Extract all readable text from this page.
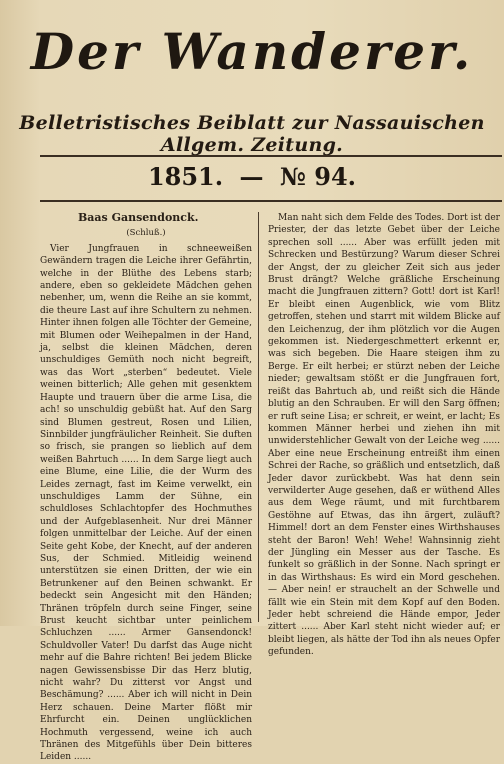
Der Wanderer.
Belletristisches Beiblatt zur Nassauischen Allgem. Zeitung.
1851. — № 94.
Baas Gansendonck.
(Schluß.)

Vier Jungfrauen in schneeweißen Gewändern tragen die Leiche ihrer Gefährtin, welche in der Blüthe des Lebens starb; andere, eben so gekleidete Mädchen gehen nebenher, um, wenn die Reihe an sie kommt, die theure Last auf ihre Schultern zu nehmen. Hinter ihnen folgen alle Töchter der Gemeine, mit Blumen oder Weihepalmen in der Hand, ja, selbst die kleinen Mädchen, deren unschuldiges Gemüth noch nicht begreift, was das Wort „sterben“ bedeutet. Viele weinen bitterlich; Alle gehen mit gesenktem Haupte und trauern über die arme Lisa, die ach! so unschuldig gebüßt hat. Auf den Sarg sind Blumen gestreut, Rosen und Lilien, Sinnbilder jungfräulicher Reinheit. Sie duften so frisch, sie prangen so lieblich auf dem weißen Bahrtuch ...... In dem Sarge liegt auch eine Blume, eine Lilie, die der Wurm des Leides zernagt, fast im Keime verwelkt, ein unschuldiges Lamm der Sühne, ein schuldloses Schlachtopfer des Hochmuthes und der Aufgeblasenheit. Nur drei Männer folgen unmittelbar der Leiche. Auf der einen Seite geht Kobe, der Knecht, auf der anderen Sus, der Schmied. Mitleidig weinend unterstützen sie einen Dritten, der wie ein Betrunkener auf den Beinen schwankt. Er bedeckt sein Angesicht mit den Händen; Thränen tröpfeln durch seine Finger, seine Brust keucht sichtbar unter peinlichem Schluchzen ...... Armer Gansendonck! Schuldvoller Vater! Du darfst das Auge nicht mehr auf die Bahre richten! Bei jedem Blicke nagen Gewissensbisse Dir das Herz blutig, nicht wahr? Du zitterst vor Angst und Beschämung? ...... Aber ich will nicht in Dein Herz schauen. Deine Marter flößt mir Ehrfurcht ein. Deinen unglücklichen Hochmuth vergessend, weine ich auch Thränen des Mitgefühls über Dein bitteres Leiden ......

Man naht sich dem Felde des Todes. Dort ist der Priester, der das letzte Gebet über der Leiche sprechen soll ...... Aber was erfüllt jeden mit Schrecken und Bestürzung? Warum dieser Schrei der Angst, der zu gleicher Zeit sich aus jeder Brust drängt? Welche gräßliche Erscheinung macht die Jungfrauen zittern? Gott! dort ist Karl! Er bleibt einen Augenblick, wie vom Blitz getroffen, stehen und starrt mit wildem Blicke auf den Leichenzug, der ihm plötzlich vor die Augen gekommen ist. Niedergeschmettert erkennt er, was sich begeben. Die Haare steigen ihm zu Berge. Er eilt herbei; er stürzt neben der Leiche nieder; gewaltsam stößt er die Jungfrauen fort, reißt das Bahrtuch ab, und reißt sich die Hände blutig an den Schrauben. Er will den Sarg öffnen; er ruft seine Lisa; er schreit, er weint, er lacht; Es kommen Männer herbei und ziehen ihn mit unwiderstehlicher Gewalt von der Leiche weg ...... Aber eine neue Erscheinung entreißt ihm einen Schrei der Rache, so gräßlich und entsetzlich, daß Jeder davor zurückbebt. Was hat denn sein verwilderter Auge gesehen, daß er wüthend Alles aus dem Wege räumt, und mit furchtbarem Gestöhne auf Etwas, das ihn ärgert, zuläuft? Himmel! dort an dem Fenster eines Wirthshauses steht der Baron! Weh! Wehe! Wahnsinnig zieht der Jüngling ein Messer aus der Tasche. Es funkelt so gräßlich in der Sonne. Nach springt er in das Wirthshaus: Es wird ein Mord geschehen. — Aber nein! er strauchelt an der Schwelle und fällt wie ein Stein mit dem Kopf auf den Boden. Jeder hebt schreiend die Hände empor, Jeder zittert ...... Aber Karl steht nicht wieder auf; er bleibt liegen, als hätte der Tod ihn als neues Opfer gefunden.
